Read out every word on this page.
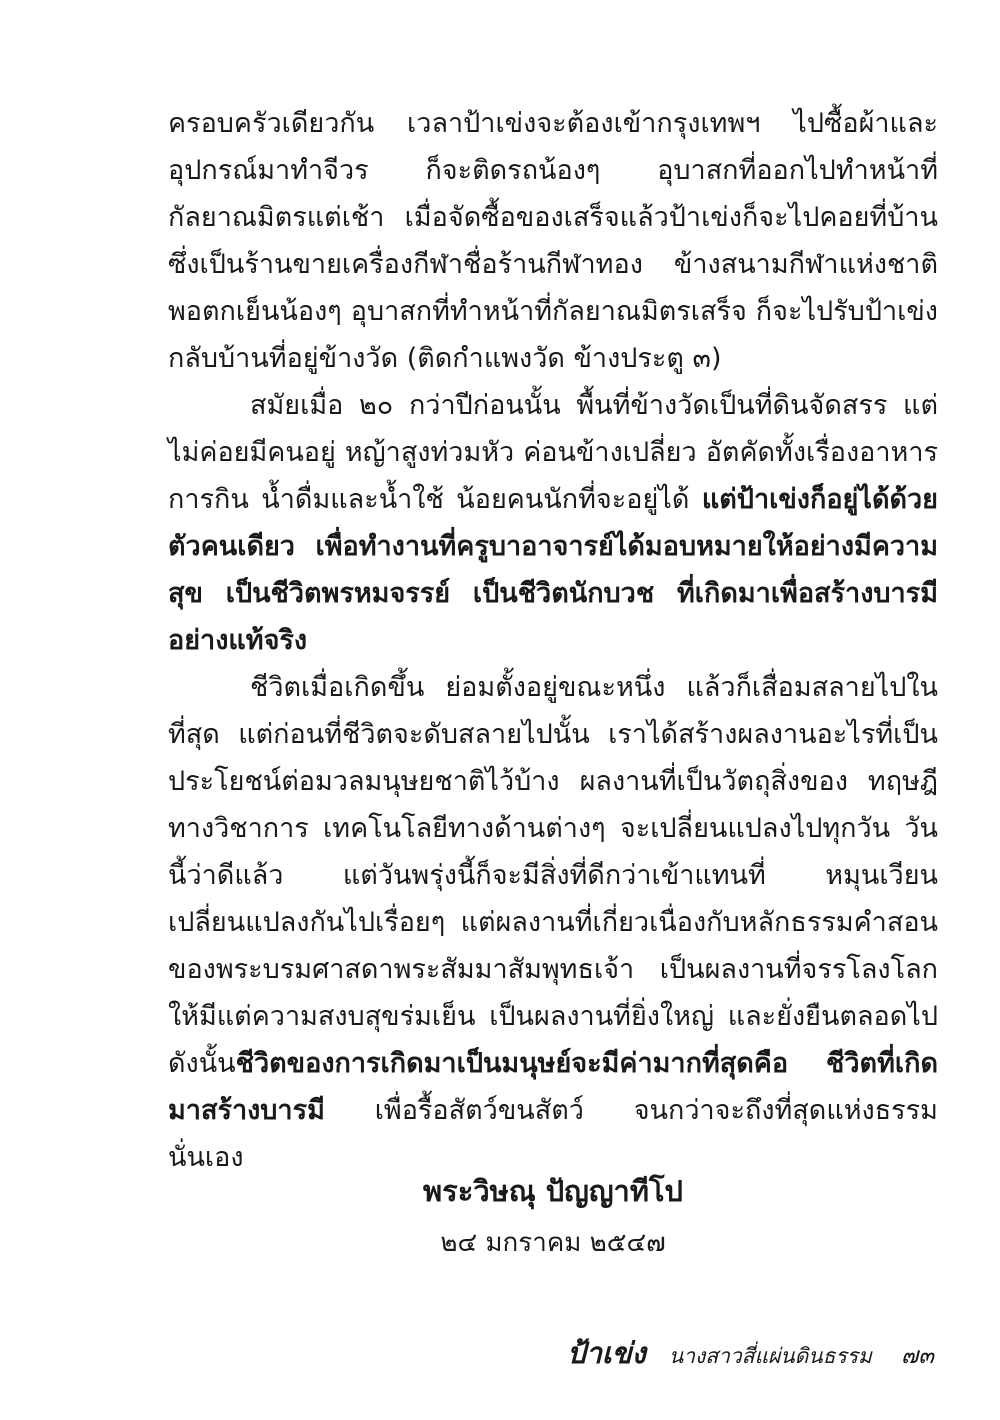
ครอบครัวเดียวกัน เวลาป้าเข่งจะต้องเข้ากรุงเทพฯ ไปซื้อผ้าและอุปกรณ์มาทำจีวร ก็จะติดรถน้องๆ อุบาสกที่ออกไปทำหน้าที่กัลยาณมิตรแต่เช้า เมื่อจัดซื้อของเสร็จแล้วป้าเข่งก็จะไปคอยที่บ้านซึ่งเป็นร้านขายเครื่องกีฬาชื่อร้านกีฬาทอง ข้างสนามกีฬาแห่งชาติ พอตกเย็นน้องๆ อุบาสกที่ทำหน้าที่กัลยาณมิตรเสร็จ ก็จะไปรับป้าเข่งกลับบ้านที่อยู่ข้างวัด (ติดกำแพงวัด ข้างประตู ๓)

สมัยเมื่อ ๒๐ กว่าปีก่อนนั้น พื้นที่ข้างวัดเป็นที่ดินจัดสรร แต่ไม่ค่อยมีคนอยู่ หญ้าสูงท่วมหัว ค่อนข้างเปลี่ยว อัตคัดทั้งเรื่องอาหารการกิน น้ำดื่มและน้ำใช้ น้อยคนนักที่จะอยู่ได้ แต่ป้าเข่งก็อยู่ได้ด้วยตัวคนเดียว เพื่อทำงานที่ครูบาอาจารย์ได้มอบหมายให้อย่างมีความสุข เป็นชีวิตพรหมจรรย์ เป็นชีวิตนักบวช ที่เกิดมาเพื่อสร้างบารมีอย่างแท้จริง

ชีวิตเมื่อเกิดขึ้น ย่อมตั้งอยู่ขณะหนึ่ง แล้วก็เสื่อมสลายไปในที่สุด แต่ก่อนที่ชีวิตจะดับสลายไปนั้น เราได้สร้างผลงานอะไรที่เป็นประโยชน์ต่อมวลมนุษยชาติไว้บ้าง ผลงานที่เป็นวัตถุสิ่งของ ทฤษฎีทางวิชาการ เทคโนโลยีทางด้านต่างๆ จะเปลี่ยนแปลงไปทุกวัน วันนี้ว่าดีแล้ว แต่วันพรุ่งนี้ก็จะมีสิ่งที่ดีกว่าเข้าแทนที่ หมุนเวียนเปลี่ยนแปลงกันไปเรื่อยๆ แต่ผลงานที่เกี่ยวเนื่องกับหลักธรรมคำสอนของพระบรมศาสดาพระสัมมาสัมพุทธเจ้า เป็นผลงานที่จรรโลงโลก ให้มีแต่ความสงบสุขร่มเย็น เป็นผลงานที่ยิ่งใหญ่ และยั่งยืนตลอดไป ดังนั้นชีวิตของการเกิดมาเป็นมนุษย์จะมีค่ามากที่สุดคือ ชีวิตที่เกิดมาสร้างบารมี เพื่อรื้อสัตว์ขนสัตว์ จนกว่าจะถึงที่สุดแห่งธรรม นั่นเอง

พระวิษณุ ปัญญาทีโป
๒๔ มกราคม ๒๕๔๗
ป้าเข่ง นางสาวสี่แผ่นดินธรรม ๗๓
